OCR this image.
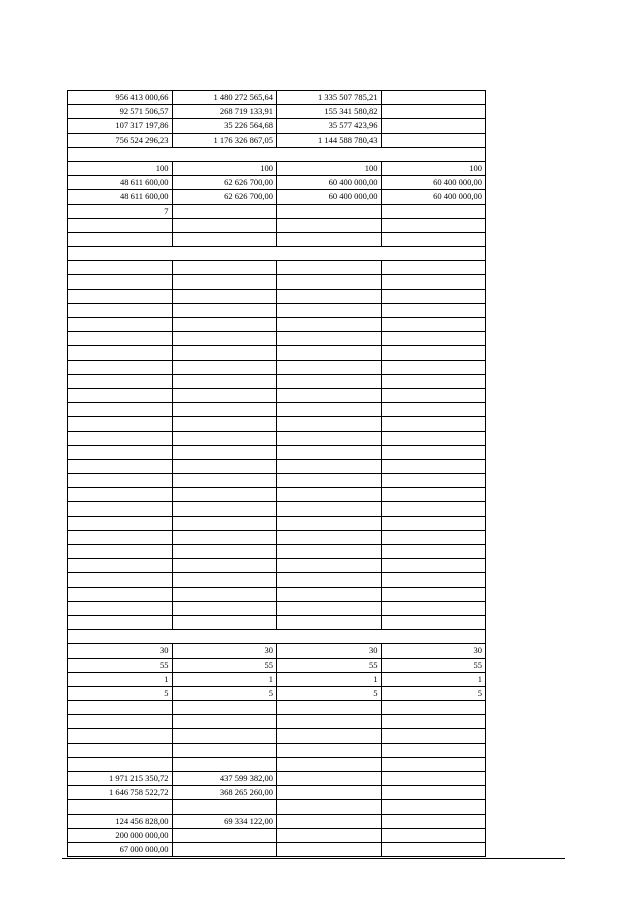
956 413 000,66	1 480 272 565,64	1 335 507 785,21	
92 571 506,57	268 719 133,91	155 341 580,82	
107 317 197,86	35 226 564,68	35 577 423,96	
756 524 296,23	1 176 326 867,05	1 144 588 780,43	

100	100	100	100
48 611 600,00	62 626 700,00	60 400 000,00	60 400 000,00
48 611 600,00	62 626 700,00	60 400 000,00	60 400 000,00
7			

30	30	30	30
55	55	55	55
1	1	1	1
5	5	5	5

1 971 215 350,72	437 599 382,00		
1 646 758 522,72	368 265 260,00		

124 456 828,00	69 334 122,00		
200 000 000,00			
67 000 000,00			
